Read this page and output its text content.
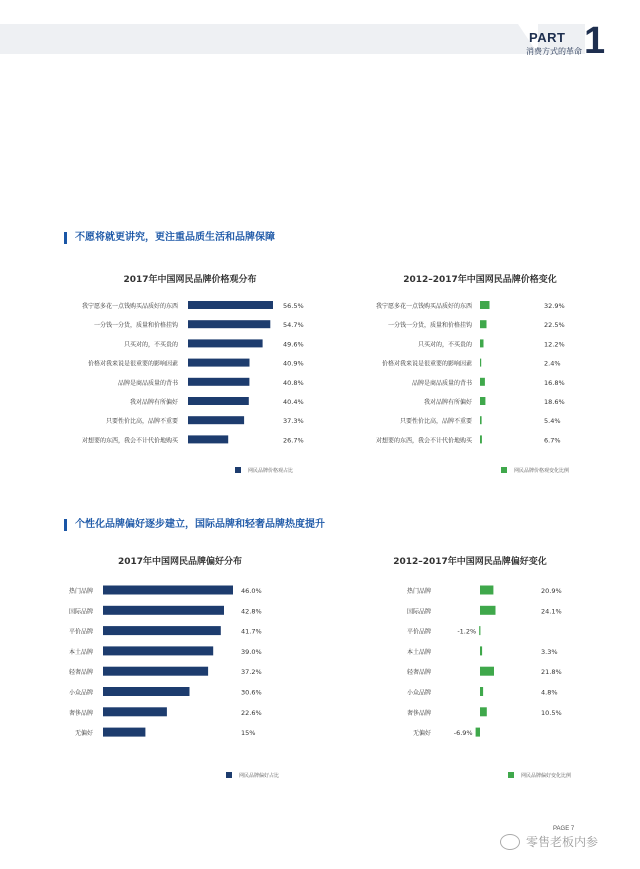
PART 1
消费方式的革命
不愿将就更讲究，更注重品质生活和品牌保障
2017年中国网民品牌价格观分布	2012–2017年中国网民品牌价格变化
我宁愿多花一点钱购买品质好的东西	56.5%
一分钱一分货，质量和价格挂钩	54.7%
只买对的，不买贵的	49.6%
价格对我来说是很重要的影响因素	40.9%
品牌是商品质量的背书	40.8%
我对品牌有所偏好	40.4%
只要性价比高，品牌不重要	37.3%
对想要的东西，我会不计代价地购买	26.7%
网民品牌价格观占比
我宁愿多花一点钱购买品质好的东西	32.9%
一分钱一分货，质量和价格挂钩	22.5%
只买对的，不买贵的	12.2%
价格对我来说是很重要的影响因素	2.4%
品牌是商品质量的背书	16.8%
我对品牌有所偏好	18.6%
只要性价比高，品牌不重要	5.4%
对想要的东西，我会不计代价地购买	6.7%
网民品牌价格观变化比例
热门品牌	46.0%
国际品牌	42.8%
平价品牌	41.7%
本土品牌	39.0%
轻奢品牌	37.2%
小众品牌	30.6%
奢侈品牌	22.6%
无偏好	15%
网民品牌偏好占比
热门品牌	20.9%
国际品牌	24.1%
平价品牌	-1.2%
本土品牌	3.3%
轻奢品牌	21.8%
小众品牌	4.8%
奢侈品牌	10.5%
无偏好	-6.9%
网民品牌偏好变化比例
个性化品牌偏好逐步建立，国际品牌和轻奢品牌热度提升
2017年中国网民品牌偏好分布	2012–2017年中国网民品牌偏好变化
PAGE 7
零售老板内参
